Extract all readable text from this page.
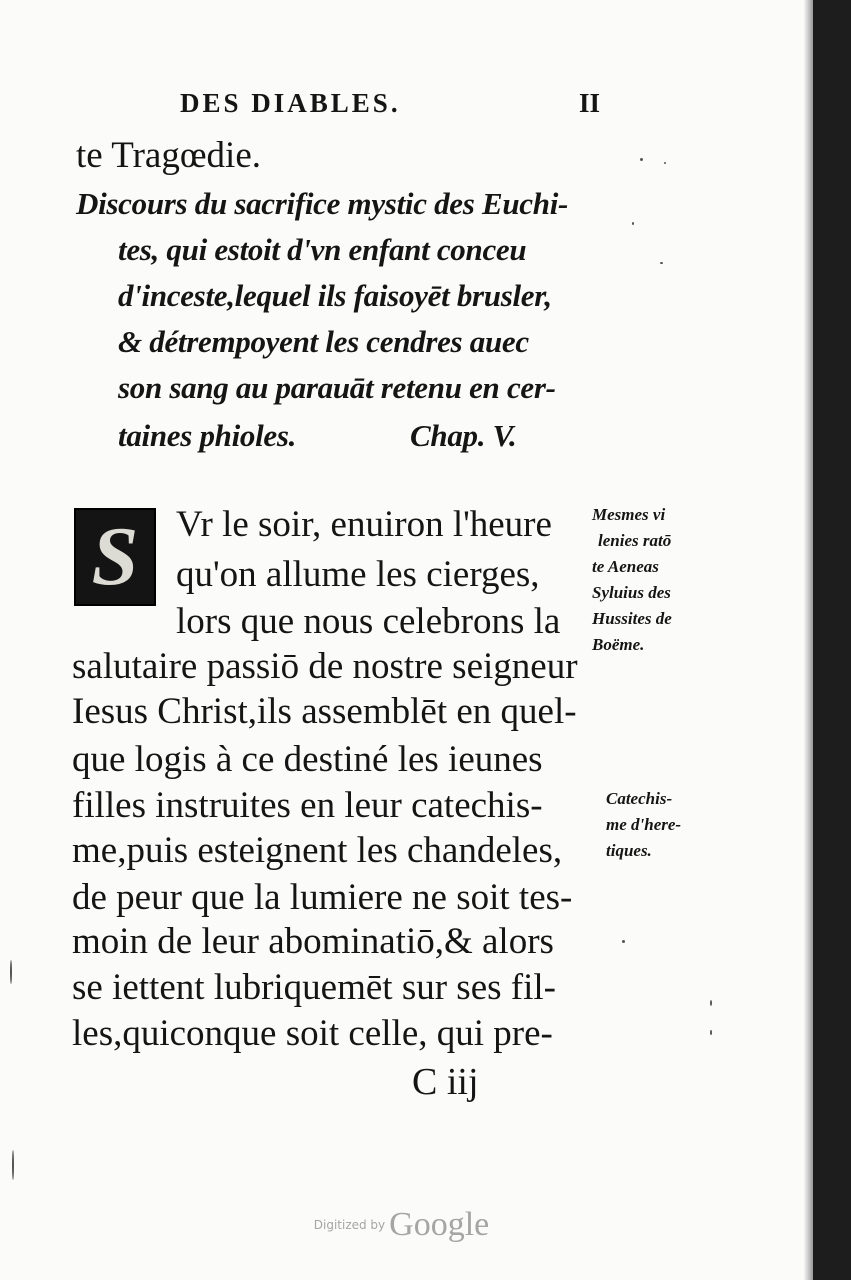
DES DIABLES.	II
te Tragœdie.
Discours du sacrifice mystic des Euchi-
tes, qui estoit d'vn enfant conceu
d'inceste,lequel ils faisoyēt brusler,
& détrempoyent les cendres auec
son sang au parauāt retenu en cer-
taines phioles.	Chap. V.
S	Vr le soir, enuiron l'heure
qu'on allume les cierges,
lors que nous celebrons la
salutaire passiō de nostre seigneur
Iesus Christ,ils assemblēt en quel-
que logis à ce destiné les ieunes
filles instruites en leur catechis-
me,puis esteignent les chandeles,
de peur que la lumiere ne soit tes-
moin de leur abominatiō,& alors
se iettent lubriquemēt sur ses fil-
les,quiconque soit celle, qui pre-
Mesmes vi
lenies ratō
te Aeneas
Syluius des
Hussites de
Boëme.
Catechis-
me d'here-
tiques.
C iij
Digitized by Google
